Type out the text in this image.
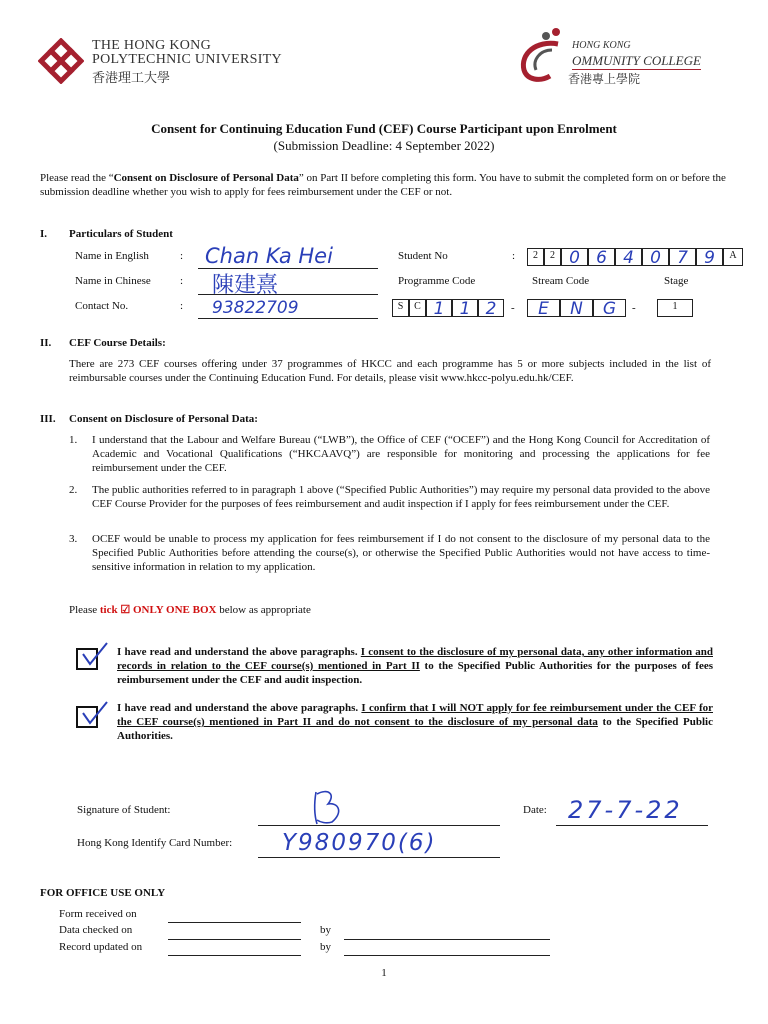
THE HONG KONG
POLYTECHNIC UNIVERSITY
香港理工大學
HONG KONG
OMMUNITY COLLEGE
香港專上學院
Consent for Continuing Education Fund (CEF) Course Participant upon Enrolment
(Submission Deadline: 4 September 2022)
Please read the “Consent on Disclosure of Personal Data” on Part II before completing this form. You have to submit the completed form on or before the submission deadline whether you wish to apply for fees reimbursement under the CEF or not.
I. Particulars of Student
Name in English	: Chan Ka Hei
Name in Chinese	: 陳建熹
Contact No.	: 93822709
Student No	:	2	2 0 6 4 0 7 9	A
Programme Code	Stream Code	Stage
S	C 1 1 2	-	E	N	G	-	1
II. CEF Course Details:
There are 273 CEF courses offering under 37 programmes of HKCC and each programme has 5 or more subjects included in the list of reimbursable courses under the Continuing Education Fund. For details, please visit www.hkcc-polyu.edu.hk/CEF.
III. Consent on Disclosure of Personal Data:
1. I understand that the Labour and Welfare Bureau (“LWB”), the Office of CEF (“OCEF”) and the Hong Kong Council for Accreditation of Academic and Vocational Qualifications (“HKCAAVQ”) are responsible for monitoring and processing the applications for fee reimbursement under the CEF.
2. The public authorities referred to in paragraph 1 above (“Specified Public Authorities”) may require my personal data provided to the above CEF Course Provider for the purposes of fees reimbursement and audit inspection if I apply for fees reimbursement under the CEF.
3. OCEF would be unable to process my application for fees reimbursement if I do not consent to the disclosure of my personal data to the Specified Public Authorities before attending the course(s), or otherwise the Specified Public Authorities would not have access to time-sensitive information in relation to my application.
Please tick ☑ ONLY ONE BOX below as appropriate
I have read and understand the above paragraphs. I consent to the disclosure of my personal data, any other information and records in relation to the CEF course(s) mentioned in Part II to the Specified Public Authorities for the purposes of fees reimbursement under the CEF and audit inspection.
I have read and understand the above paragraphs. I confirm that I will NOT apply for fee reimbursement under the CEF for the CEF course(s) mentioned in Part II and do not consent to the disclosure of my personal data to the Specified Public Authorities.
Signature of Student:	Date: 27-7-22
Hong Kong Identify Card Number: Y980970(6)
FOR OFFICE USE ONLY
Form received on
Data checked on	by
Record updated on	by
1
